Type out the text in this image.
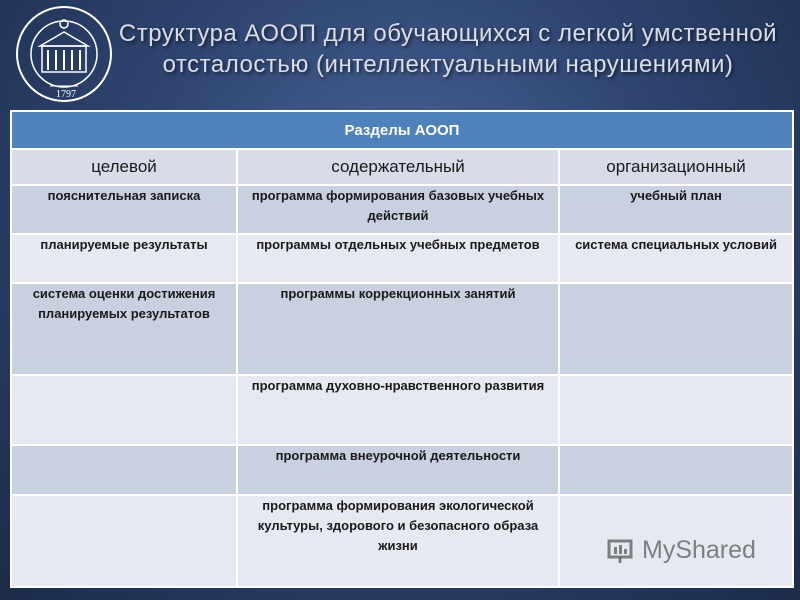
1797
Структура АООП для обучающихся с легкой умственной отсталостью (интеллектуальными нарушениями)
Разделы АООП		
целевой	содержательный	организационный
пояснительная записка	программа формирования базовых учебных действий	учебный план
планируемые результаты	программы отдельных учебных предметов	система специальных условий
система оценки достижения планируемых результатов	программы коррекционных занятий	
	программа духовно-нравственного развития	
	программа внеурочной деятельности	
	программа формирования экологической культуры, здорового и безопасного образа жизни		MyShared
